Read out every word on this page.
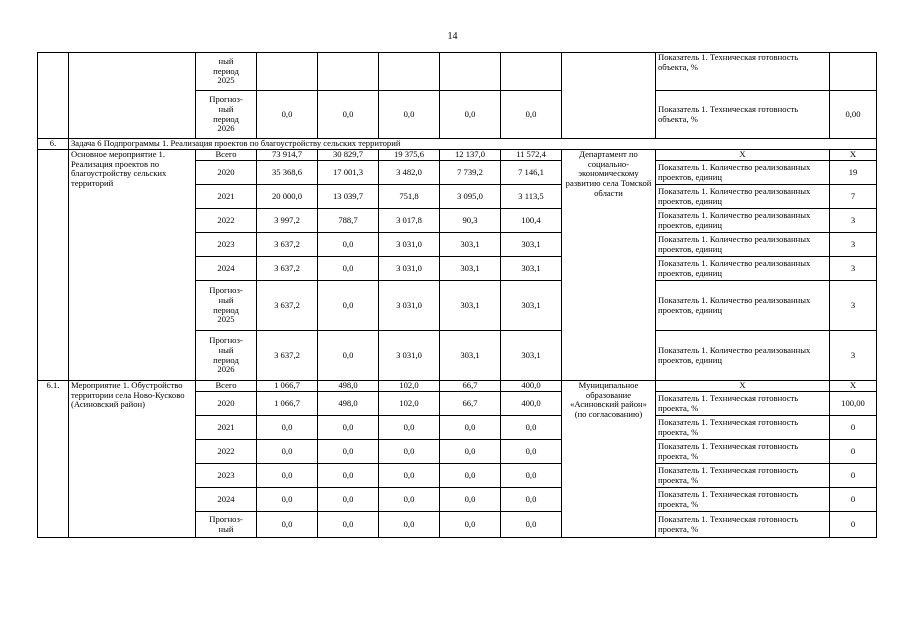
14
		ный
период
2025							Показатель 1. Техническая готовность объекта, %	
		Прогноз-
ный
период
2026	0,0	0,0	0,0	0,0	0,0		Показатель 1. Техническая готовность объекта, %	0,00
6.	Задача 6 Подпрограммы 1. Реализация проектов по благоустройству сельских территорий									
	Основное мероприятие 1. Реализация проектов по благоустройству сельских территорий	Всего	73 914,7	30 829,7	19 375,6	12 137,0	11 572,4	Департамент по социально-экономическому развитию села Томской области	Х	Х
		2020	35 368,6	17 001,3	3 482,0	7 739,2	7 146,1		Показатель 1. Количество реализованных проектов, единиц	19
		2021	20 000,0	13 039,7	751,8	3 095,0	3 113,5		Показатель 1. Количество реализованных проектов, единиц	7
		2022	3 997,2	788,7	3 017,8	90,3	100,4		Показатель 1. Количество реализованных проектов, единиц	3
		2023	3 637,2	0,0	3 031,0	303,1	303,1		Показатель 1. Количество реализованных проектов, единиц	3
		2024	3 637,2	0,0	3 031,0	303,1	303,1		Показатель 1. Количество реализованных проектов, единиц	3
		Прогноз-
ный
период
2025	3 637,2	0,0	3 031,0	303,1	303,1		Показатель 1. Количество реализованных проектов, единиц	3
		Прогноз-
ный
период
2026	3 637,2	0,0	3 031,0	303,1	303,1		Показатель 1. Количество реализованных проектов, единиц	3
6.1.	Мероприятие 1. Обустройство территории села Ново-Кусково (Асиновский район)	Всего	1 066,7	498,0	102,0	66,7	400,0	Муниципальное образование «Асиновский район» (по согласованию)	Х	Х
		2020	1 066,7	498,0	102,0	66,7	400,0		Показатель 1. Техническая готовность проекта, %	100,00
		2021	0,0	0,0	0,0	0,0	0,0		Показатель 1. Техническая готовность проекта, %	0
		2022	0,0	0,0	0,0	0,0	0,0		Показатель 1. Техническая готовность проекта, %	0
		2023	0,0	0,0	0,0	0,0	0,0		Показатель 1. Техническая готовность проекта, %	0
		2024	0,0	0,0	0,0	0,0	0,0		Показатель 1. Техническая готовность проекта, %	0
		Прогноз-
ный	0,0	0,0	0,0	0,0	0,0		Показатель 1. Техническая готовность проекта, %	0
